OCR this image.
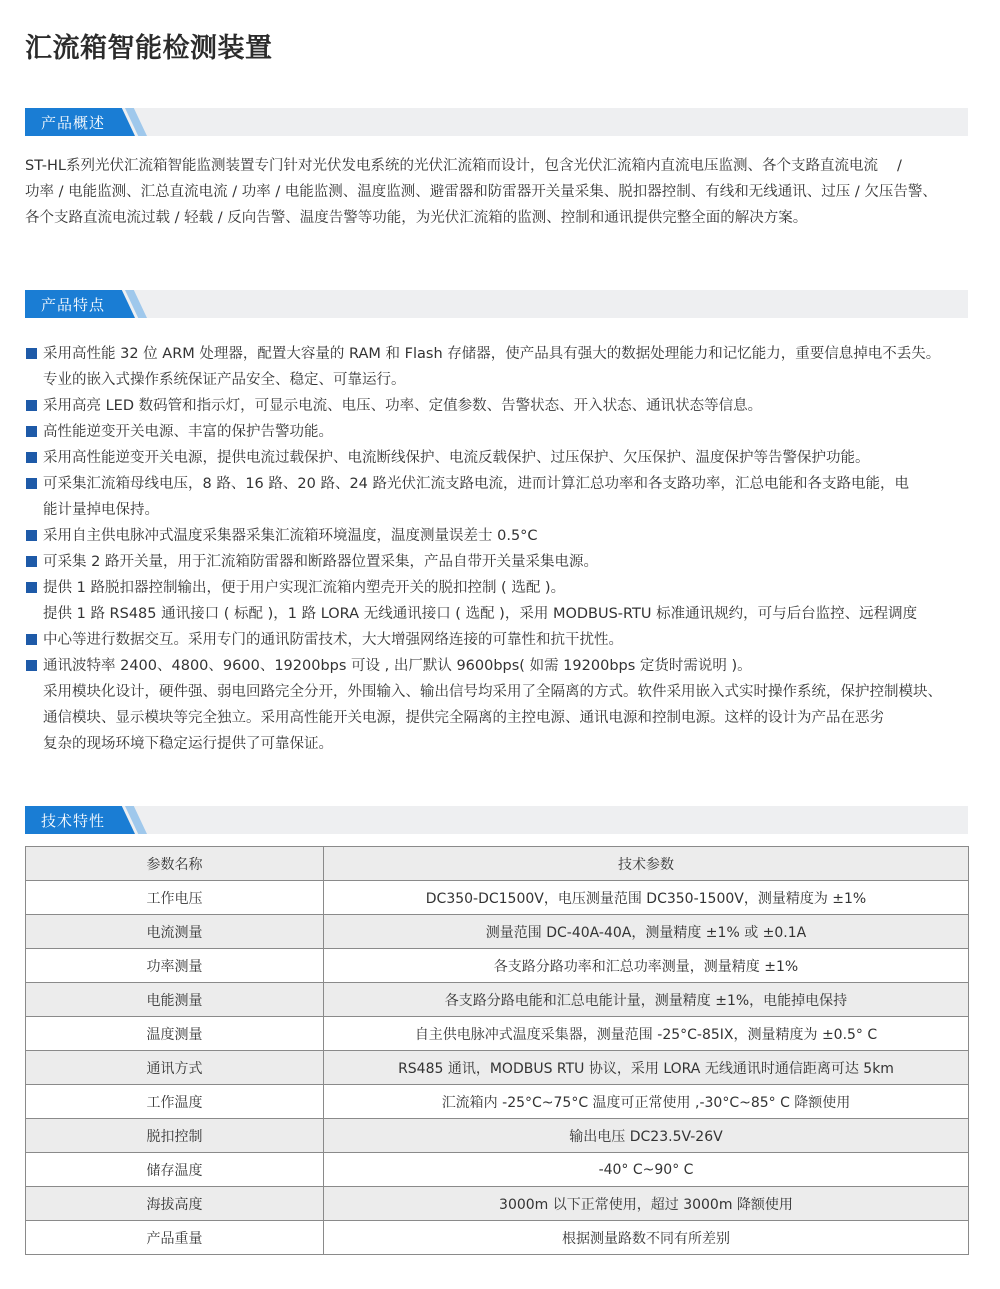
汇流箱智能检测装置
产品概述
ST-HL系列光伏汇流箱智能监测装置专门针对光伏发电系统的光伏汇流箱而设计，包含光伏汇流箱内直流电压监测、各个支路直流电流　 /
功率 / 电能监测、汇总直流电流 / 功率 / 电能监测、温度监测、避雷器和防雷器开关量采集、脱扣器控制、有线和无线通讯、过压 / 欠压告警、
各个支路直流电流过载 / 轻载 / 反向告警、温度告警等功能，为光伏汇流箱的监测、控制和通讯提供完整全面的解决方案。
产品特点
采用高性能 32 位 ARM 处理器，配置大容量的 RAM 和 Flash 存储器，使产品具有强大的数据处理能力和记忆能力，重要信息掉电不丢失。
专业的嵌入式操作系统保证产品安全、稳定、可靠运行。
采用高亮 LED 数码管和指示灯，可显示电流、电压、功率、定值参数、告警状态、开入状态、通讯状态等信息。
高性能逆变开关电源、丰富的保护告警功能。
采用高性能逆变开关电源，提供电流过载保护、电流断线保护、电流反载保护、过压保护、欠压保护、温度保护等告警保护功能。
可采集汇流箱母线电压，8 路、16 路、20 路、24 路光伏汇流支路电流，进而计算汇总功率和各支路功率，汇总电能和各支路电能，电
能计量掉电保持。
采用自主供电脉冲式温度采集器采集汇流箱环境温度，温度测量误差士 0.5°C
可采集 2 路开关量，用于汇流箱防雷器和断路器位置采集，产品自带开关量采集电源。
提供 1 路脱扣器控制输出，便于用户实现汇流箱内塑壳开关的脱扣控制 ( 选配 )。
提供 1 路 RS485 通讯接口 ( 标配 )，1 路 LORA 无线通讯接口 ( 选配 )，采用 MODBUS-RTU 标准通讯规约，可与后台监控、远程调度
中心等进行数据交互。采用专门的通讯防雷技术，大大增强网络连接的可靠性和抗干扰性。
通讯波特率 2400、4800、9600、19200bps 可设 , 出厂默认 9600bps( 如需 19200bps 定货时需说明 )。
采用模块化设计，硬件强、弱电回路完全分开，外围输入、输出信号均采用了全隔离的方式。软件采用嵌入式实时操作系统，保护控制模块、
通信模块、显示模块等完全独立。采用高性能开关电源，提供完全隔离的主控电源、通讯电源和控制电源。这样的设计为产品在恶劣
复杂的现场环境下稳定运行提供了可靠保证。
技术特性
参数名称	技术参数
工作电压	DC350-DC1500V，电压测量范围 DC350-1500V，测量精度为 ±1%
电流测量	测量范围 DC-40A-40A，测量精度 ±1% 或 ±0.1A
功率测量	各支路分路功率和汇总功率测量，测量精度 ±1%
电能测量	各支路分路电能和汇总电能计量，测量精度 ±1%，电能掉电保持
温度测量	自主供电脉冲式温度采集器，测量范围 -25°C-85IX，测量精度为 ±0.5° C
通讯方式	RS485 通讯，MODBUS RTU 协议，采用 LORA 无线通讯时通信距离可达 5km
工作温度	汇流箱内 -25°C~75°C 温度可正常使用 ,-30°C~85° C 降额使用
脱扣控制	输出电压 DC23.5V-26V
储存温度	-40° C~90° C
海拔高度	3000m 以下正常使用，超过 3000m 降额使用
产品重量	根据测量路数不同有所差别
